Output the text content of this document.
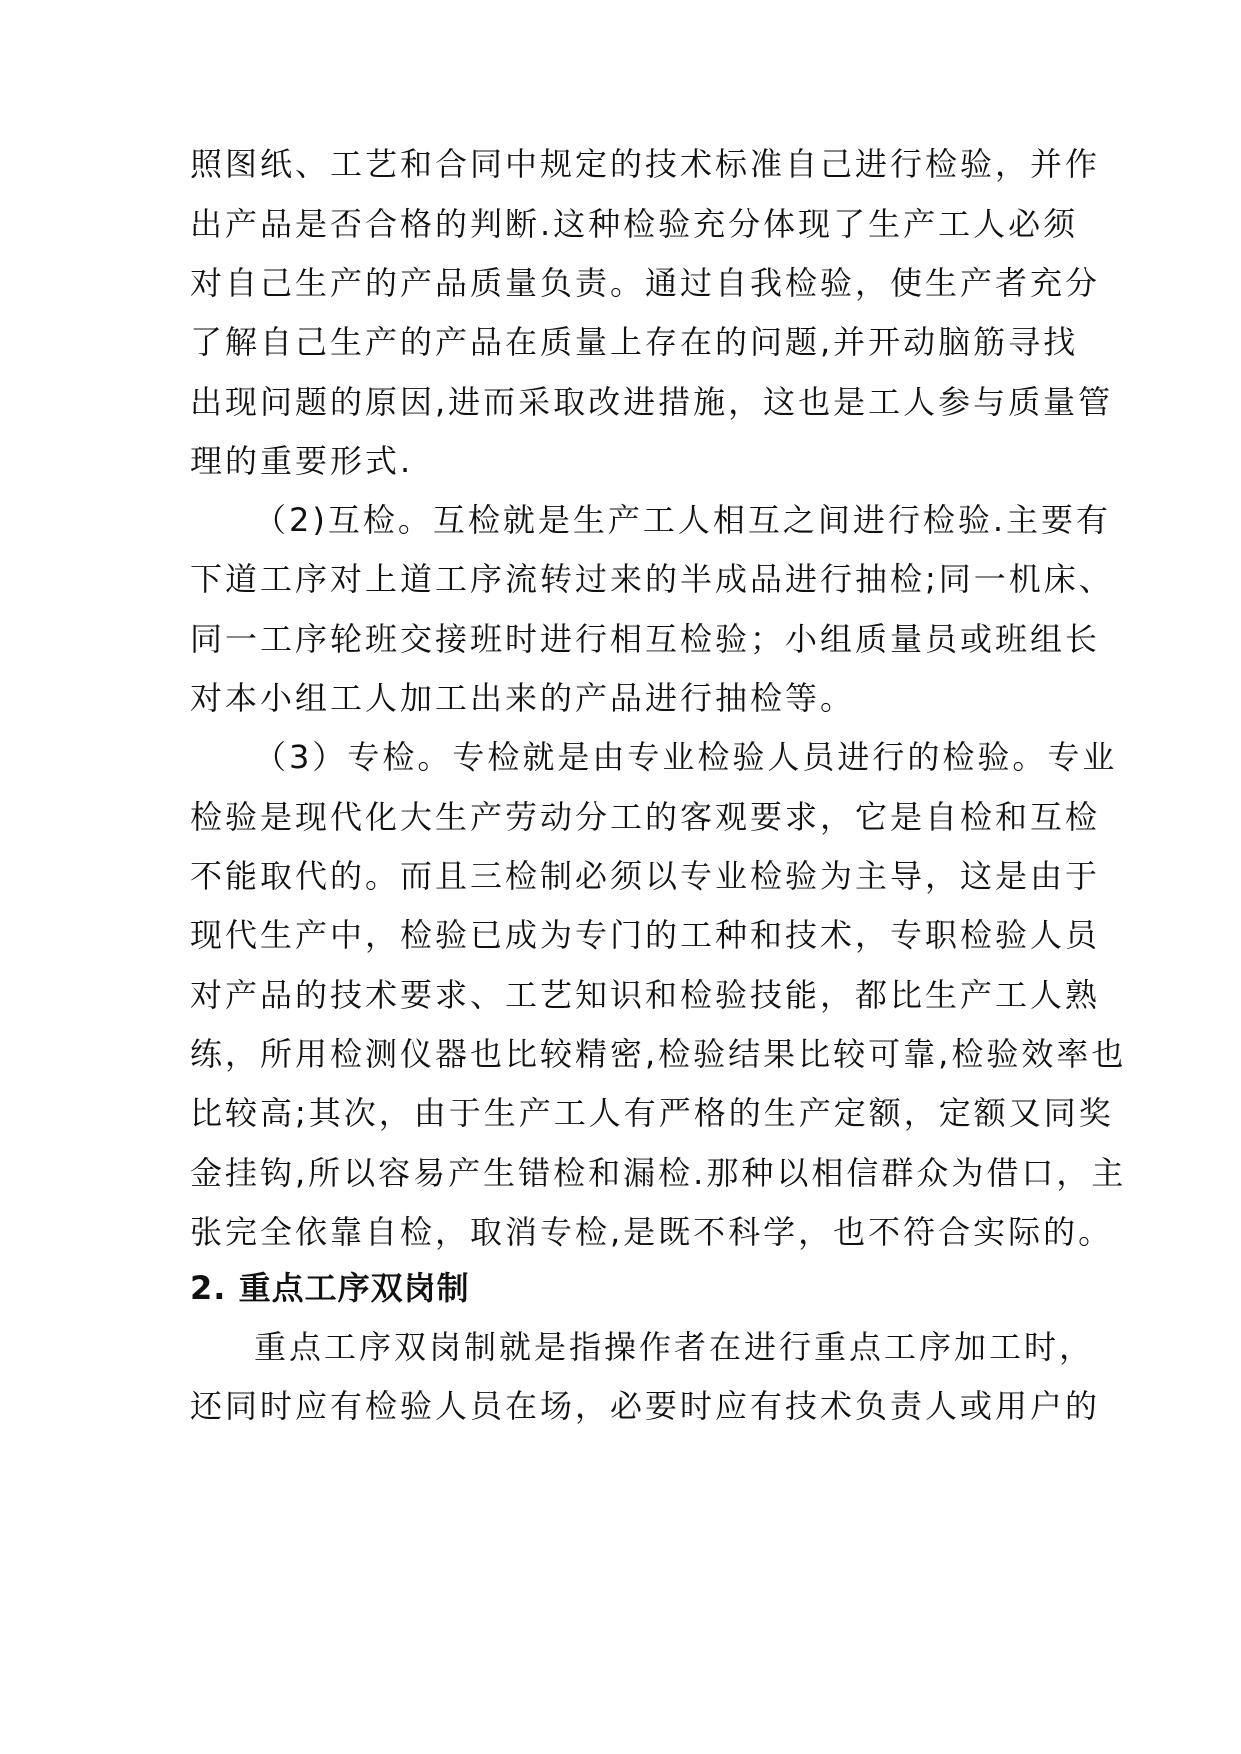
照图纸、工艺和合同中规定的技术标准自己进行检验，并作
出产品是否合格的判断.这种检验充分体现了生产工人必须
对自己生产的产品质量负责。通过自我检验，使生产者充分
了解自己生产的产品在质量上存在的问题,并开动脑筋寻找
出现问题的原因,进而采取改进措施，这也是工人参与质量管
理的重要形式.
（2)互检。互检就是生产工人相互之间进行检验.主要有
下道工序对上道工序流转过来的半成品进行抽检;同一机床、
同一工序轮班交接班时进行相互检验；小组质量员或班组长
对本小组工人加工出来的产品进行抽检等。
（3）专检。专检就是由专业检验人员进行的检验。专业
检验是现代化大生产劳动分工的客观要求，它是自检和互检
不能取代的。而且三检制必须以专业检验为主导，这是由于
现代生产中，检验已成为专门的工种和技术，专职检验人员
对产品的技术要求、工艺知识和检验技能，都比生产工人熟
练，所用检测仪器也比较精密,检验结果比较可靠,检验效率也
比较高;其次，由于生产工人有严格的生产定额，定额又同奖
金挂钩,所以容易产生错检和漏检.那种以相信群众为借口，主
张完全依靠自检，取消专检,是既不科学，也不符合实际的。
2. 重点工序双岗制
重点工序双岗制就是指操作者在进行重点工序加工时，
还同时应有检验人员在场，必要时应有技术负责人或用户的
